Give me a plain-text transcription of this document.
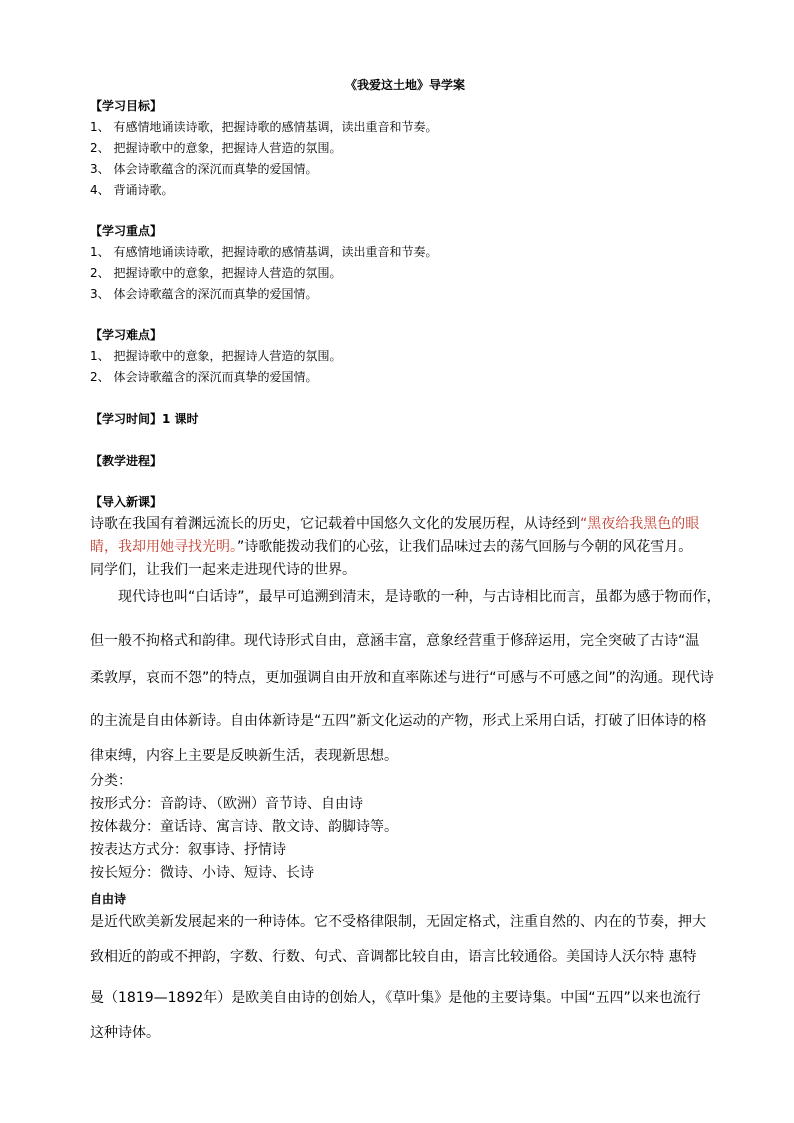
《我爱这土地》导学案
【学习目标】
1、 有感情地诵读诗歌，把握诗歌的感情基调，读出重音和节奏。
2、 把握诗歌中的意象，把握诗人营造的氛围。
3、 体会诗歌蕴含的深沉而真挚的爱国情。
4、 背诵诗歌。
【学习重点】
1、 有感情地诵读诗歌，把握诗歌的感情基调，读出重音和节奏。
2、 把握诗歌中的意象，把握诗人营造的氛围。
3、 体会诗歌蕴含的深沉而真挚的爱国情。
【学习难点】
1、 把握诗歌中的意象，把握诗人营造的氛围。
2、 体会诗歌蕴含的深沉而真挚的爱国情。
【学习时间】1 课时
【教学进程】
【导入新课】
诗歌在我国有着渊远流长的历史，它记载着中国悠久文化的发展历程，从诗经到“黑夜给我黑色的眼
睛，我却用她寻找光明。”诗歌能拨动我们的心弦，让我们品味过去的荡气回肠与今朝的风花雪月。
同学们，让我们一起来走进现代诗的世界。
　　现代诗也叫“白话诗”，最早可追溯到清末，是诗歌的一种，与古诗相比而言，虽都为感于物而作，
但一般不拘格式和韵律。现代诗形式自由，意涵丰富，意象经营重于修辞运用，完全突破了古诗“温
柔敦厚，哀而不怨”的特点，更加强调自由开放和直率陈述与进行“可感与不可感之间”的沟通。现代诗
的主流是自由体新诗。自由体新诗是“五四”新文化运动的产物，形式上采用白话，打破了旧体诗的格
律束缚，内容上主要是反映新生活，表现新思想。
分类：
按形式分：音韵诗、（欧洲）音节诗、自由诗
按体裁分：童话诗、寓言诗、散文诗、韵脚诗等。
按表达方式分：叙事诗、抒情诗
按长短分：微诗、小诗、短诗、长诗
自由诗
是近代欧美新发展起来的一种诗体。它不受格律限制，无固定格式，注重自然的、内在的节奏，押大
致相近的韵或不押韵，字数、行数、句式、音调都比较自由，语言比较通俗。美国诗人沃尔特 惠特
曼（1819—1892年）是欧美自由诗的创始人，《草叶集》是他的主要诗集。中国“五四”以来也流行
这种诗体。
